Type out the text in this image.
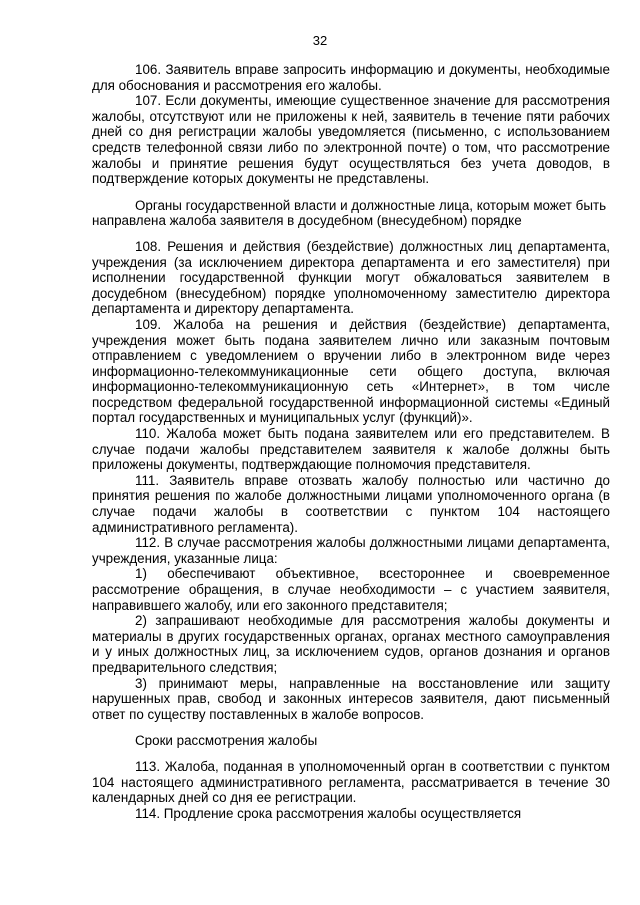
32

106. Заявитель вправе запросить информацию и документы, необходимые для обоснования и рассмотрения его жалобы.

107. Если документы, имеющие существенное значение для рассмотрения жалобы, отсутствуют или не приложены к ней, заявитель в течение пяти рабочих дней со дня регистрации жалобы уведомляется (письменно, с использованием средств телефонной связи либо по электронной почте) о том, что рассмотрение жалобы и принятие решения будут осуществляться без учета доводов, в подтверждение которых документы не представлены.

Органы государственной власти и должностные лица, которым может быть направлена жалоба заявителя в досудебном (внесудебном) порядке

108. Решения и действия (бездействие) должностных лиц департамента, учреждения (за исключением директора департамента и его заместителя) при исполнении государственной функции могут обжаловаться заявителем в досудебном (внесудебном) порядке уполномоченному заместителю директора департамента и директору департамента.

109. Жалоба на решения и действия (бездействие) департамента, учреждения может быть подана заявителем лично или заказным почтовым отправлением с уведомлением о вручении либо в электронном виде через информационно-телекоммуникационные сети общего доступа, включая информационно-телекоммуникационную сеть «Интернет», в том числе посредством федеральной государственной информационной системы «Единый портал государственных и муниципальных услуг (функций)».

110. Жалоба может быть подана заявителем или его представителем. В случае подачи жалобы представителем заявителя к жалобе должны быть приложены документы, подтверждающие полномочия представителя.

111. Заявитель вправе отозвать жалобу полностью или частично до принятия решения по жалобе должностными лицами уполномоченного органа (в случае подачи жалобы в соответствии с пунктом 104 настоящего административного регламента).

112. В случае рассмотрения жалобы должностными лицами департамента, учреждения, указанные лица:

1) обеспечивают объективное, всестороннее и своевременное рассмотрение обращения, в случае необходимости – с участием заявителя, направившего жалобу, или его законного представителя;

2) запрашивают необходимые для рассмотрения жалобы документы и материалы в других государственных органах, органах местного самоуправления и у иных должностных лиц, за исключением судов, органов дознания и органов предварительного следствия;

3) принимают меры, направленные на восстановление или защиту нарушенных прав, свобод и законных интересов заявителя, дают письменный ответ по существу поставленных в жалобе вопросов.

Сроки рассмотрения жалобы

113. Жалоба, поданная в уполномоченный орган в соответствии с пунктом 104 настоящего административного регламента, рассматривается в течение 30 календарных дней со дня ее регистрации.

114. Продление срока рассмотрения жалобы осуществляется
